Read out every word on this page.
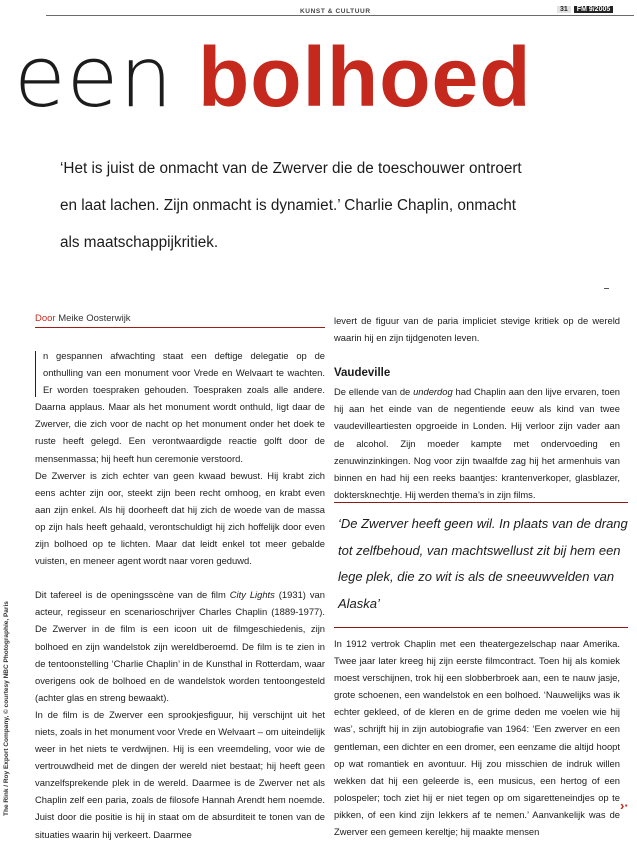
KUNST & CULTUUR	31 FM 9/2005
een bolhoed
‘Het is juist de onmacht van de Zwerver die de toeschouwer ontroert en laat lachen. Zijn onmacht is dynamiet.’ Charlie Chaplin, onmacht als maatschappijkritiek.
Door Meike Oosterwijk

n gespannen afwachting staat een deftige delegatie op de onthulling van een monument voor Vrede en Welvaart te wachten. Er worden toespraken gehouden. Toespraken zoals alle andere. Daarna applaus. Maar als het monument wordt onthuld, ligt daar de Zwerver, die zich voor de nacht op het monument onder het doek te ruste heeft gelegd. Een verontwaardigde reactie golft door de mensenmassa; hij heeft hun ceremonie verstoord.

De Zwerver is zich echter van geen kwaad bewust. Hij krabt zich eens achter zijn oor, steekt zijn been recht omhoog, en krabt even aan zijn enkel. Als hij doorheeft dat hij zich de woede van de massa op zijn hals heeft gehaald, verontschuldigt hij zich hoffelijk door even zijn bolhoed op te lichten. Maar dat leidt enkel tot meer gebalde vuisten, en meneer agent wordt naar voren geduwd.

Dit tafereel is de openingsscène van de film City Lights (1931) van acteur, regisseur en scenarioschrijver Charles Chaplin (1889-1977). De Zwerver in de film is een icoon uit de filmgeschiedenis, zijn bolhoed en zijn wandelstok zijn wereldberoemd. De film is te zien in de tentoonstelling ‘Charlie Chaplin’ in de Kunsthal in Rotterdam, waar overigens ook de bolhoed en de wandelstok worden tentoongesteld (achter glas en streng bewaakt).

In de film is de Zwerver een sprookjesfiguur, hij verschijnt uit het niets, zoals in het monument voor Vrede en Welvaart – om uiteindelijk weer in het niets te verdwijnen. Hij is een vreemdeling, voor wie de vertrouwdheid met de dingen der wereld niet bestaat; hij heeft geen vanzelfsprekende plek in de wereld. Daarmee is de Zwerver net als Chaplin zelf een paria, zoals de filosofe Hannah Arendt hem noemde. Juist door die positie is hij in staat om de absurditeit te tonen van de situaties waarin hij verkeert. Daarmee

levert de figuur van de paria impliciet stevige kritiek op de wereld waarin hij en zijn tijdgenoten leven.

Vaudeville

De ellende van de underdog had Chaplin aan den lijve ervaren, toen hij aan het einde van de negentiende eeuw als kind van twee vaudevilleartiesten opgroeide in Londen. Hij verloor zijn vader aan de alcohol. Zijn moeder kampte met ondervoeding en zenuwinzinkingen. Nog voor zijn twaalfde zag hij het armenhuis van binnen en had hij een reeks baantjes: krantenverkoper, glasblazer, doktersknechtje. Hij werden thema’s in zijn films.

‘De Zwerver heeft geen wil. In plaats van de drang tot zelfbehoud, van machtswellust zit bij hem een lege plek, die zo wit is als de sneeuwvelden van Alaska’

In 1912 vertrok Chaplin met een theatergezelschap naar Amerika. Twee jaar later kreeg hij zijn eerste filmcontract. Toen hij als komiek moest verschijnen, trok hij een slobberbroek aan, een te nauw jasje, grote schoenen, een wandelstok en een bolhoed. ‘Nauwelijks was ik echter gekleed, of de kleren en de grime deden me voelen wie hij was’, schrijft hij in zijn autobiografie van 1964: ‘Een zwerver en een gentleman, een dichter en een dromer, een eenzame die altijd hoopt op wat romantiek en avontuur. Hij zou misschien de indruk willen wekken dat hij een geleerde is, een musicus, een hertog of een polospeler; toch ziet hij er niet tegen op om sigaretteneindjes op te pikken, of een kind zijn lekkers af te nemen.’ Aanvankelijk was de Zwerver een gemeen kereltje; hij maakte mensen

The Rink / Roy Export Company, © courtesy NBC Photographie, Paris	›·
